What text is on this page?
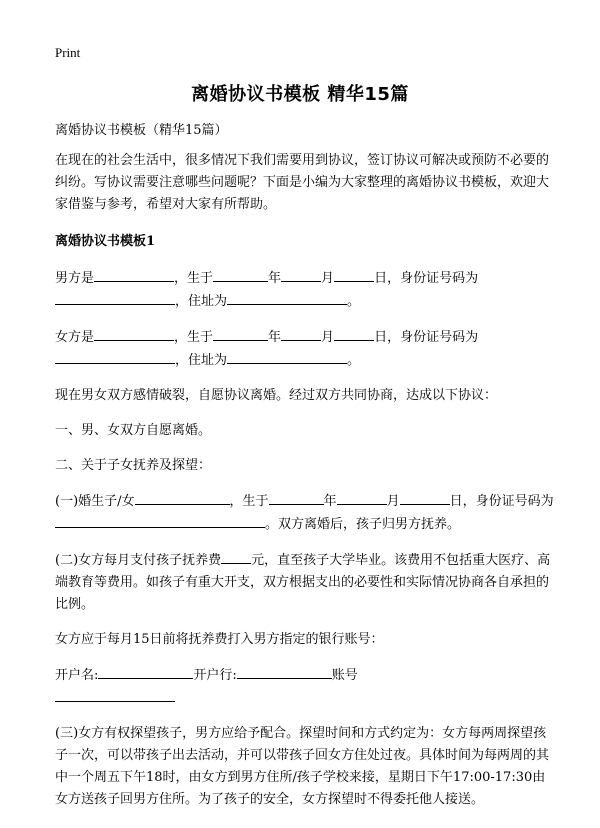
Print
离婚协议书模板 精华15篇

离婚协议书模板（精华15篇）

在现在的社会生活中，很多情况下我们需要用到协议，签订协议可解决或预防不必要的纠纷。写协议需要注意哪些问题呢？下面是小编为大家整理的离婚协议书模板，欢迎大家借鉴与参考，希望对大家有所帮助。

离婚协议书模板1

男方是	，生于	年	月	日，身份证号码为
，住址为	。

女方是	，生于	年	月	日，身份证号码为
，住址为	。

现在男女双方感情破裂，自愿协议离婚。经过双方共同协商，达成以下协议：

一、男、女双方自愿离婚。

二、关于子女抚养及探望：

(一)婚生子/女	，生于	年	月	日，身份证号码为。双方离婚后，孩子归男方抚养。

(二)女方每月支付孩子抚养费 元，直至孩子大学毕业。该费用不包括重大医疗、高端教育等费用。如孩子有重大开支，双方根据支出的必要性和实际情况协商各自承担的比例。

女方应于每月15日前将抚养费打入男方指定的银行账号：

开户名:	开户行:	账号

(三)女方有权探望孩子，男方应给予配合。探望时间和方式约定为：女方每两周探望孩子一次，可以带孩子出去活动，并可以带孩子回女方住处过夜。具体时间为每两周的其中一个周五下午18时，由女方到男方住所/孩子学校来接，星期日下午17:00-17:30由女方送孩子回男方住所。为了孩子的安全，女方探望时不得委托他人接送。
